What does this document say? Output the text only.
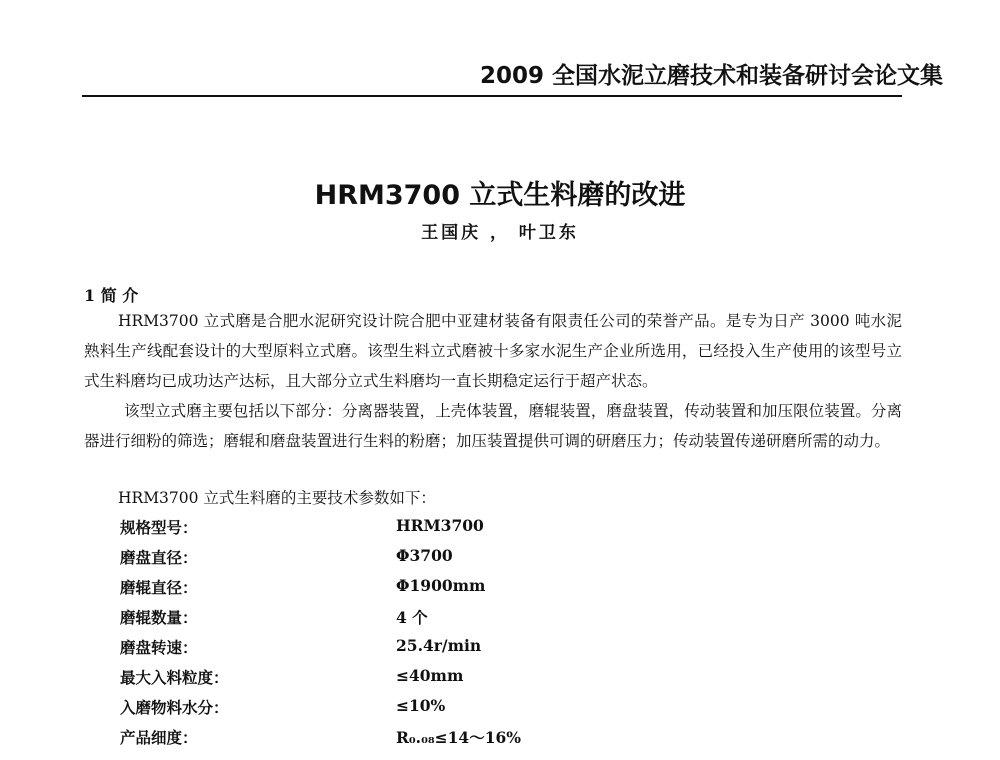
2009 全国水泥立磨技术和装备研讨会论文集
HRM3700 立式生料磨的改进
王国庆 ， 叶卫东
1 简 介
HRM3700 立式磨是合肥水泥研究设计院合肥中亚建材装备有限责任公司的荣誉产品。是专为日产 3000 吨水泥熟料生产线配套设计的大型原料立式磨。该型生料立式磨被十多家水泥生产企业所选用，已经投入生产使用的该型号立式生料磨均已成功达产达标，且大部分立式生料磨均一直长期稳定运行于超产状态。
该型立式磨主要包括以下部分：分离器装置，上壳体装置，磨辊装置，磨盘装置，传动装置和加压限位装置。分离器进行细粉的筛选；磨辊和磨盘装置进行生料的粉磨；加压装置提供可调的研磨压力；传动装置传递研磨所需的动力。
HRM3700 立式生料磨的主要技术参数如下：
规格型号：	HRM3700
磨盘直径：	Φ3700
磨辊直径：	Φ1900mm
磨辊数量：	4 个
磨盘转速：	25.4r/min
最大入料粒度：	≤40mm
入磨物料水分：	≤10%
产品细度：	R₀.₀₈≤14～16%
